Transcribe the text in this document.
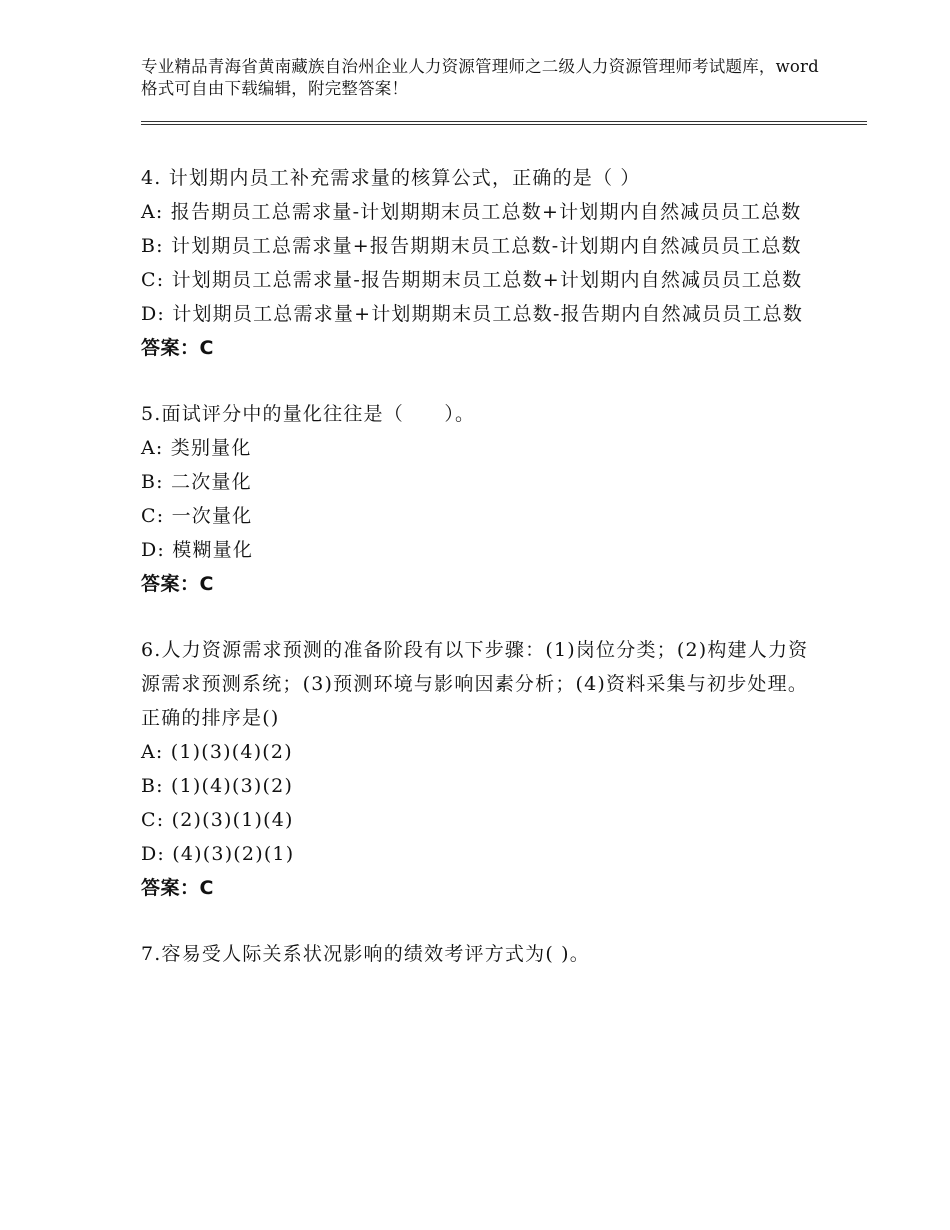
专业精品青海省黄南藏族自治州企业人力资源管理师之二级人力资源管理师考试题库，word格式可自由下载编辑，附完整答案！
4. 计划期内员工补充需求量的核算公式，正确的是（ ）
A: 报告期员工总需求量-计划期期末员工总数+计划期内自然减员员工总数
B: 计划期员工总需求量+报告期期末员工总数-计划期内自然减员员工总数
C: 计划期员工总需求量-报告期期末员工总数+计划期内自然减员员工总数
D: 计划期员工总需求量+计划期期末员工总数-报告期内自然减员员工总数
答案：C
5.面试评分中的量化往往是（　　）。
A: 类别量化
B: 二次量化
C: 一次量化
D: 模糊量化
答案：C
6.人力资源需求预测的准备阶段有以下步骤：(1)岗位分类；(2)构建人力资源需求预测系统；(3)预测环境与影响因素分析；(4)资料采集与初步处理。正确的排序是()
A: (1)(3)(4)(2)
B: (1)(4)(3)(2)
C: (2)(3)(1)(4)
D: (4)(3)(2)(1)
答案：C
7.容易受人际关系状况影响的绩效考评方式为( )。
